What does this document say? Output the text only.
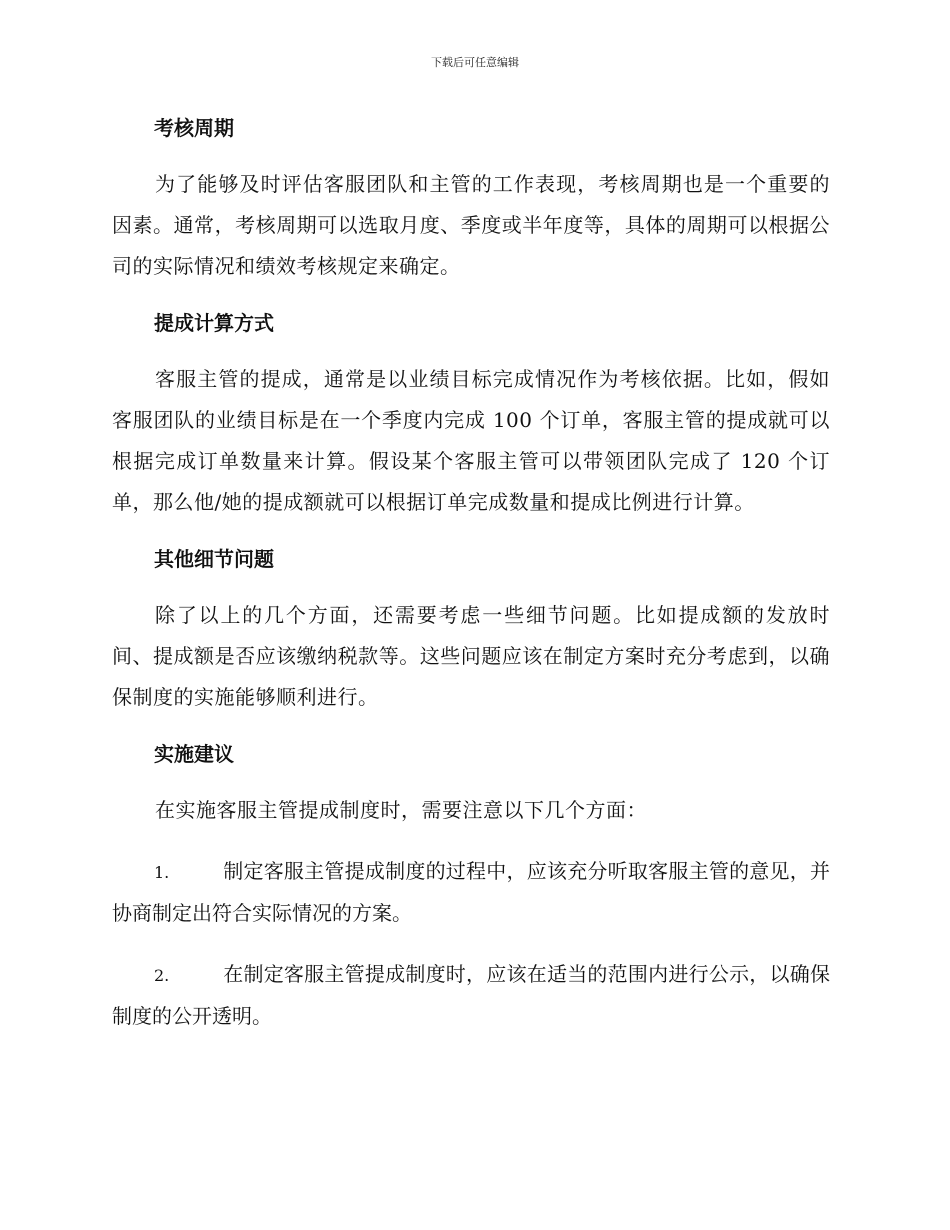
下载后可任意编辑
考核周期

为了能够及时评估客服团队和主管的工作表现，考核周期也是一个重要的因素。通常，考核周期可以选取月度、季度或半年度等，具体的周期可以根据公司的实际情况和绩效考核规定来确定。

提成计算方式

客服主管的提成，通常是以业绩目标完成情况作为考核依据。比如，假如客服团队的业绩目标是在一个季度内完成 100 个订单，客服主管的提成就可以根据完成订单数量来计算。假设某个客服主管可以带领团队完成了 120 个订单，那么他/她的提成额就可以根据订单完成数量和提成比例进行计算。

其他细节问题

除了以上的几个方面，还需要考虑一些细节问题。比如提成额的发放时间、提成额是否应该缴纳税款等。这些问题应该在制定方案时充分考虑到，以确保制度的实施能够顺利进行。

实施建议

在实施客服主管提成制度时，需要注意以下几个方面：

1.	制定客服主管提成制度的过程中，应该充分听取客服主管的意见，并协商制定出符合实际情况的方案。
2.	在制定客服主管提成制度时，应该在适当的范围内进行公示，以确保制度的公开透明。
